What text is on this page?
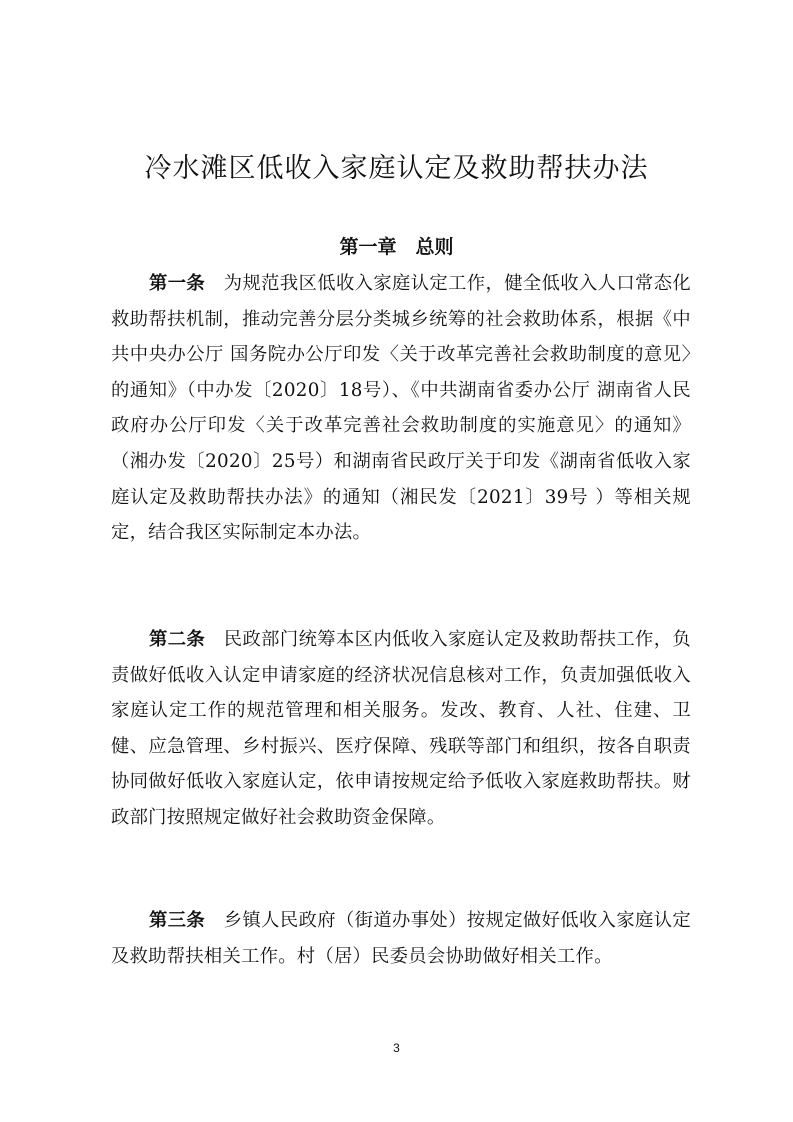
冷水滩区低收入家庭认定及救助帮扶办法
第一章　总则

第一条　 为规范我区低收入家庭认定工作，健全低收入人口常态化救助帮扶机制，推动完善分层分类城乡统筹的社会救助体系，根据《中共中央办公厅 国务院办公厅印发〈关于改革完善社会救助制度的意见〉的通知》（中办发〔2020〕18号）、《中共湖南省委办公厅 湖南省人民政府办公厅印发〈关于改革完善社会救助制度的实施意见〉的通知》（湘办发〔2020〕25号）和湖南省民政厅关于印发《湖南省低收入家庭认定及救助帮扶办法》的通知（湘民发〔2021〕39号 ）等相关规定，结合我区实际制定本办法。

第二条　 民政部门统筹本区内低收入家庭认定及救助帮扶工作，负责做好低收入认定申请家庭的经济状况信息核对工作，负责加强低收入家庭认定工作的规范管理和相关服务。发改、教育、人社、住建、卫健、应急管理、乡村振兴、医疗保障、残联等部门和组织，按各自职责协同做好低收入家庭认定，依申请按规定给予低收入家庭救助帮扶。财政部门按照规定做好社会救助资金保障。

第三条　 乡镇人民政府（街道办事处）按规定做好低收入家庭认定及救助帮扶相关工作。村（居）民委员会协助做好相关工作。

3
